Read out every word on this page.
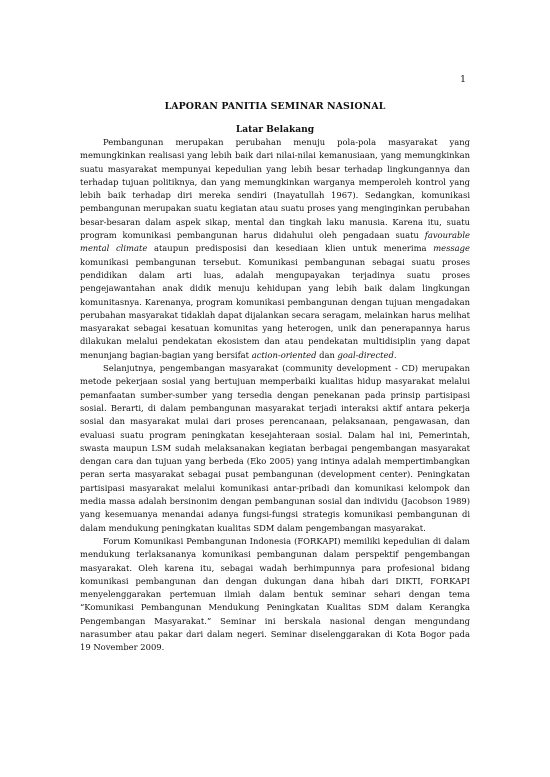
1
LAPORAN PANITIA SEMINAR NASIONAL
Latar Belakang

Pembangunan merupakan perubahan menuju pola-pola masyarakat yang memungkinkan realisasi yang lebih baik dari nilai-nilai kemanusiaan, yang memungkinkan suatu masyarakat mempunyai kepedulian yang lebih besar terhadap lingkungannya dan terhadap tujuan politiknya, dan yang memungkinkan warganya memperoleh kontrol yang lebih baik terhadap diri mereka sendiri (Inayatullah 1967). Sedangkan, komunikasi pembangunan merupakan suatu kegiatan atau suatu proses yang menginginkan perubahan besar-besaran dalam aspek sikap, mental dan tingkah laku manusia. Karena itu, suatu program komunikasi pembangunan harus didahului oleh pengadaan suatu favourable mental climate ataupun predisposisi dan kesediaan klien untuk menerima message komunikasi pembangunan tersebut. Komunikasi pembangunan sebagai suatu proses pendidikan dalam arti luas, adalah mengupayakan terjadinya suatu proses pengejawantahan anak didik menuju kehidupan yang lebih baik dalam lingkungan komunitasnya. Karenanya, program komunikasi pembangunan dengan tujuan mengadakan perubahan masyarakat tidaklah dapat dijalankan secara seragam, melainkan harus melihat masyarakat sebagai kesatuan komunitas yang heterogen, unik dan penerapannya harus dilakukan melalui pendekatan ekosistem dan atau pendekatan multidisiplin yang dapat menunjang bagian-bagian yang bersifat action-oriented dan goal-directed.

Selanjutnya, pengembangan masyarakat (community development - CD) merupakan metode pekerjaan sosial yang bertujuan memperbaiki kualitas hidup masyarakat melalui pemanfaatan sumber-sumber yang tersedia dengan penekanan pada prinsip partisipasi sosial. Berarti, di dalam pembangunan masyarakat terjadi interaksi aktif antara pekerja sosial dan masyarakat mulai dari proses perencanaan, pelaksanaan, pengawasan, dan evaluasi suatu program peningkatan kesejahteraan sosial. Dalam hal ini, Pemerintah, swasta maupun LSM sudah melaksanakan kegiatan berbagai pengembangan masyarakat dengan cara dan tujuan yang berbeda (Eko 2005) yang intinya adalah mempertimbangkan peran serta masyarakat sebagai pusat pembangunan (development center). Peningkatan partisipasi masyarakat melalui komunikasi antar-pribadi dan komunikasi kelompok dan media massa adalah bersinonim dengan pembangunan sosial dan individu (Jacobson 1989) yang kesemuanya menandai adanya fungsi-fungsi strategis komunikasi pembangunan di dalam mendukung peningkatan kualitas SDM dalam pengembangan masyarakat.

Forum Komunikasi Pembangunan Indonesia (FORKAPI) memiliki kepedulian di dalam mendukung terlaksananya komunikasi pembangunan dalam perspektif pengembangan masyarakat. Oleh karena itu, sebagai wadah berhimpunnya para profesional bidang komunikasi pembangunan dan dengan dukungan dana hibah dari DIKTI, FORKAPI menyelenggarakan pertemuan ilmiah dalam bentuk seminar sehari dengan tema “Komunikasi Pembangunan Mendukung Peningkatan Kualitas SDM dalam Kerangka Pengembangan Masyarakat.” Seminar ini berskala nasional dengan mengundang narasumber atau pakar dari dalam negeri. Seminar diselenggarakan di Kota Bogor pada 19 November 2009.
